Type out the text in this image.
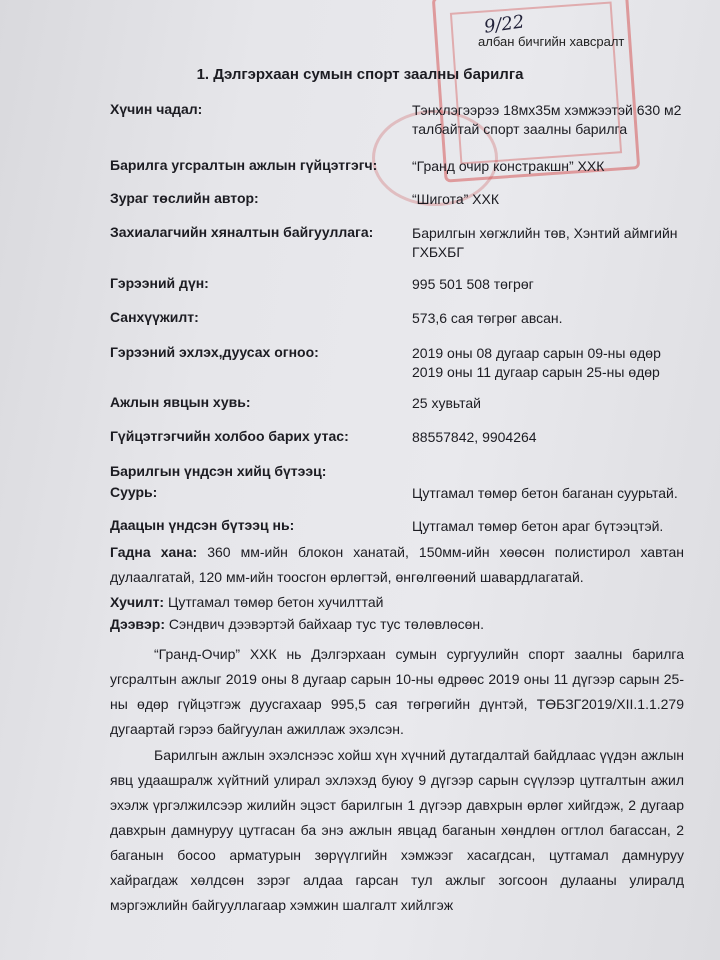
9/22
албан бичгийн хавсралт
1. Дэлгэрхаан сумын спорт заалны барилга
Хүчин чадал:	Тэнхлэгээрээ 18мх35м хэмжээтэй 630 м2 талбайтай спорт заалны барилга
Барилга угсралтын ажлын гүйцэтгэгч: “Гранд очир констракшн” ХХК
Зураг төслийн автор:	“Шигота” ХХК
Захиалагчийн хяналтын байгууллага:	Барилгын хөгжлийн төв, Хэнтий аймгийн ГХБХБГ
Гэрээний дүн:	995 501 508 төгрөг
Санхүүжилт:	573,6 сая төгрөг авсан.
Гэрээний эхлэх,дуусах огноо:	2019 оны 08 дугаар сарын 09-ны өдөр 2019 оны 11 дугаар сарын 25-ны өдөр
Ажлын явцын хувь:	25 хувьтай
Гүйцэтгэгчийн холбоо барих утас:	88557842, 9904264
Барилгын үндсэн хийц бүтээц:
Суурь:	Цутгамал төмөр бетон баганан суурьтай.
Даацын үндсэн бүтээц нь:	Цутгамал төмөр бетон араг бүтээцтэй.
Гадна хана: 360 мм-ийн блокон ханатай, 150мм-ийн хөөсөн полистирол хавтан дулаалгатай, 120 мм-ийн тоосгон өрлөгтэй, өнгөлгөөний шавардлагатай.
Хучилт: Цутгамал төмөр бетон хучилттай
Дээвэр: Сэндвич дээвэртэй байхаар тус тус төлөвлөсөн.
“Гранд-Очир” ХХК нь Дэлгэрхаан сумын сургуулийн спорт заалны барилга угсралтын ажлыг 2019 оны 8 дугаар сарын 10-ны өдрөөс 2019 оны 11 дүгээр сарын 25-ны өдөр гүйцэтгэж дуусгахаар 995,5 сая төгрөгийн дүнтэй, ТӨБЗГ2019/XII.1.1.279 дугаартай гэрээ байгуулан ажиллаж эхэлсэн.
Барилгын ажлын эхэлснээс хойш хүн хүчний дутагдалтай байдлаас үүдэн ажлын явц удаашралж хүйтний улирал эхлэхэд буюу 9 дүгээр сарын сүүлээр цутгалтын ажил эхэлж үргэлжилсээр жилийн эцэст барилгын 1 дүгээр давхрын өрлөг хийгдэж, 2 дугаар давхрын дамнуруу цутгасан ба энэ ажлын явцад баганын хөндлөн огтлол багассан, 2 баганын босоо арматурын зөрүүлгийн хэмжээг хасагдсан, цутгамал дамнуруу хайрагдаж хөлдсөн зэрэг алдаа гарсан тул ажлыг зогсоон дулааны улиралд мэргэжлийн байгууллагаар хэмжин шалгалт хийлгэж
